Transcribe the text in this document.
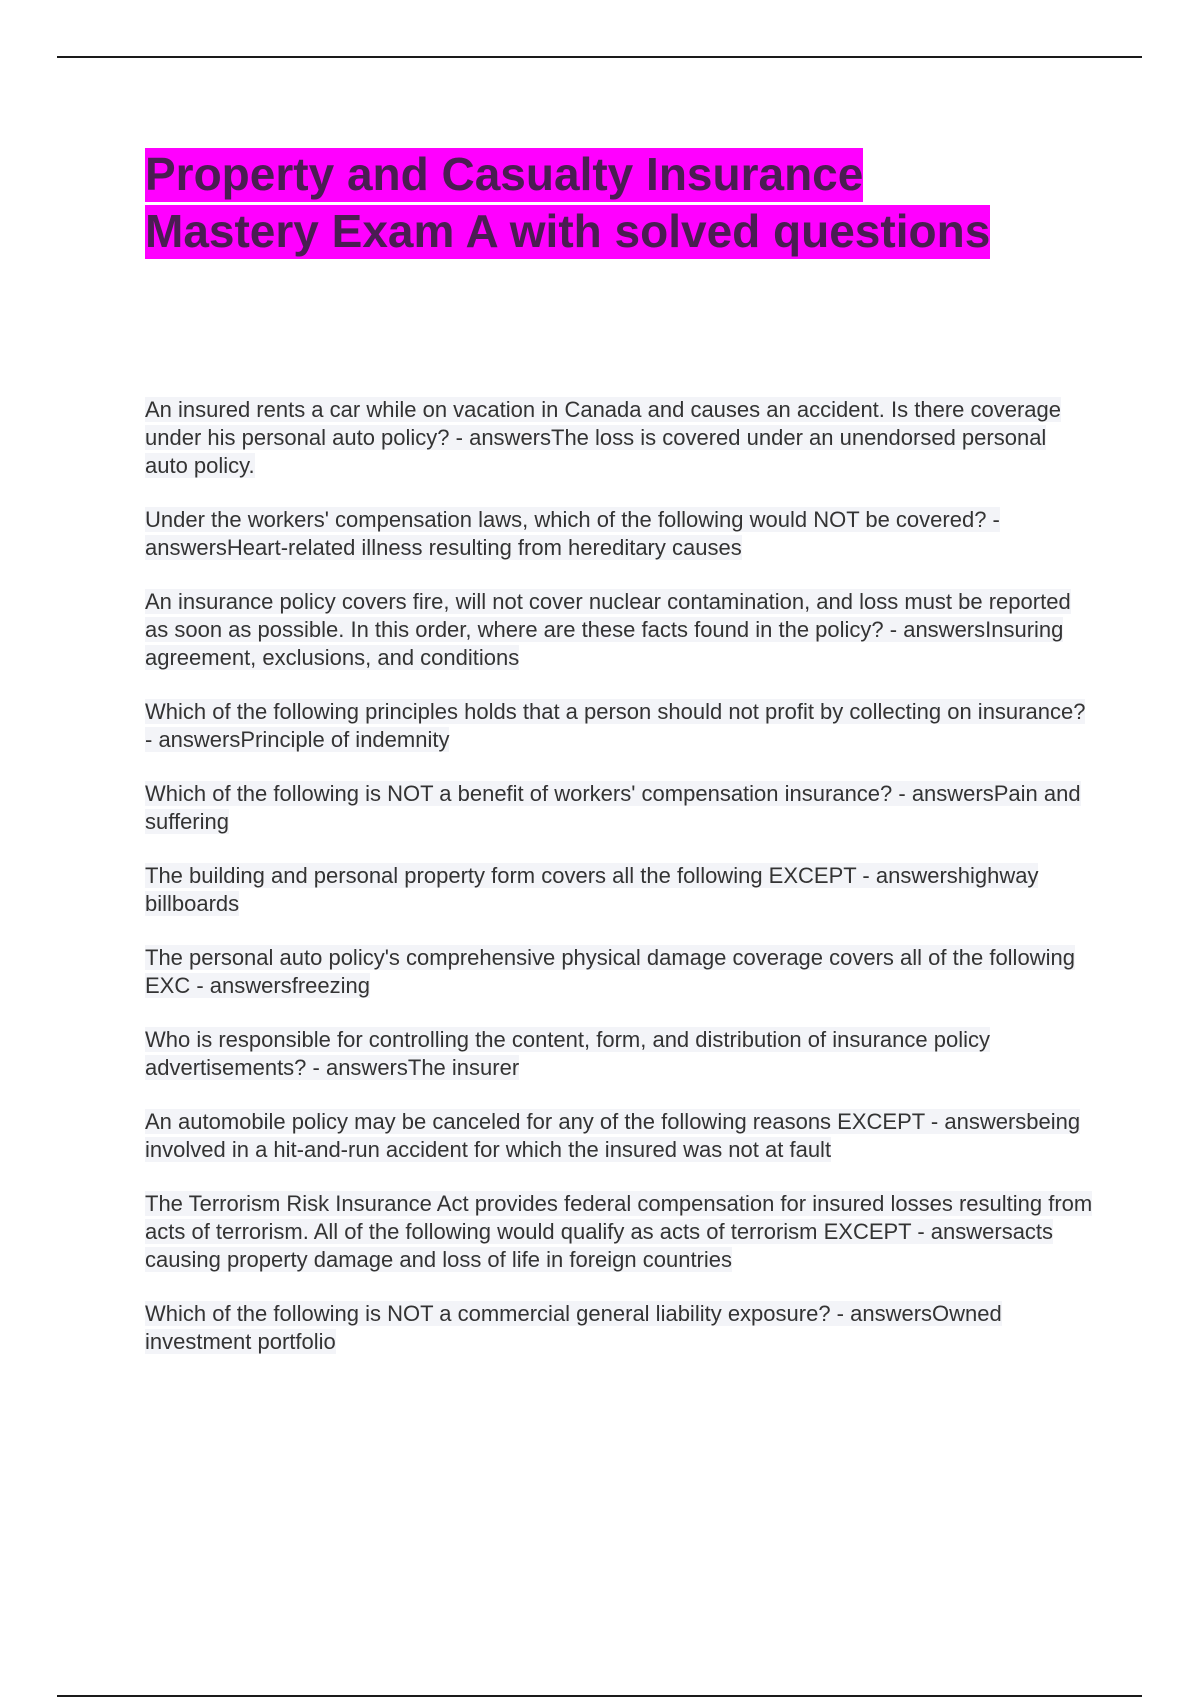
Property and Casualty Insurance
Mastery Exam A with solved questions

An insured rents a car while on vacation in Canada and causes an accident. Is there coverage under his personal auto policy? - answersThe loss is covered under an unendorsed personal auto policy.

Under the workers' compensation laws, which of the following would NOT be covered? - answersHeart-related illness resulting from hereditary causes

An insurance policy covers fire, will not cover nuclear contamination, and loss must be reported as soon as possible. In this order, where are these facts found in the policy? - answersInsuring agreement, exclusions, and conditions

Which of the following principles holds that a person should not profit by collecting on insurance? - answersPrinciple of indemnity

Which of the following is NOT a benefit of workers' compensation insurance? - answersPain and suffering

The building and personal property form covers all the following EXCEPT - answershighway billboards

The personal auto policy's comprehensive physical damage coverage covers all of the following EXC - answersfreezing

Who is responsible for controlling the content, form, and distribution of insurance policy advertisements? - answersThe insurer

An automobile policy may be canceled for any of the following reasons EXCEPT - answersbeing involved in a hit-and-run accident for which the insured was not at fault

The Terrorism Risk Insurance Act provides federal compensation for insured losses resulting from acts of terrorism. All of the following would qualify as acts of terrorism EXCEPT - answersacts causing property damage and loss of life in foreign countries

Which of the following is NOT a commercial general liability exposure? - answersOwned investment portfolio
